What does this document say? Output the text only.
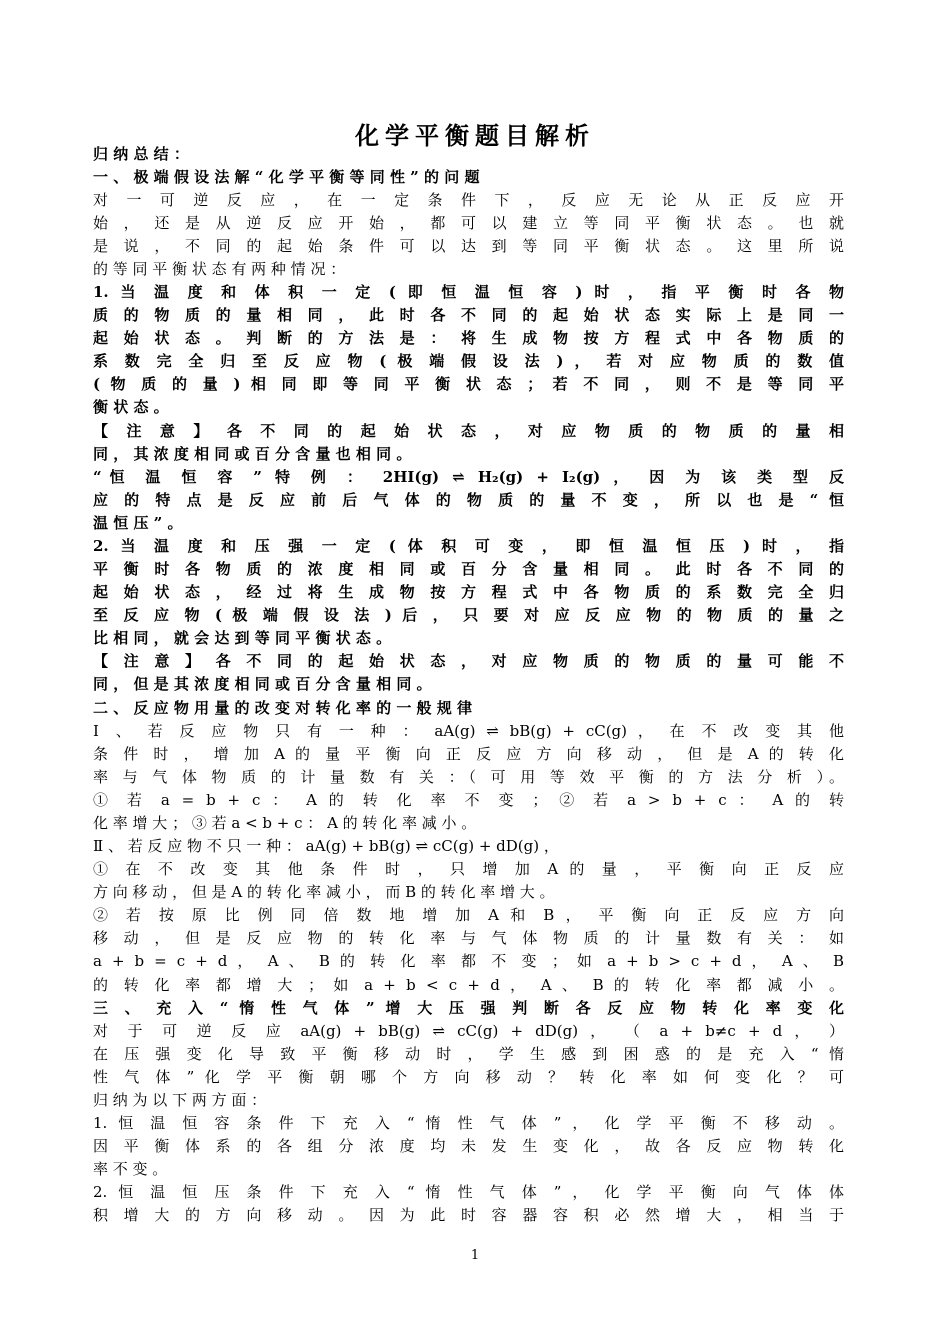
化学平衡题目解析
归 纳 总 结 ：
一 、 极 端 假 设 法 解 “ 化 学 平 衡 等 同 性 ” 的 问 题
对 一 可 逆 反 应 ， 在 一 定 条 件 下 ， 反 应 无 论 从 正 反 应 开
始 ， 还 是 从 逆 反 应 开 始 ， 都 可 以 建 立 等 同 平 衡 状 态 。 也 就
是 说 ， 不 同 的 起 始 条 件 可 以 达 到 等 同 平 衡 状 态 。 这 里 所 说
的 等 同 平 衡 状 态 有 两 种 情 况 ：
1. 当 温 度 和 体 积 一 定 ( 即 恒 温 恒 容 ) 时 ， 指 平 衡 时 各 物
质 的 物 质 的 量 相 同 ， 此 时 各 不 同 的 起 始 状 态 实 际 上 是 同 一
起 始 状 态 。 判 断 的 方 法 是 ： 将 生 成 物 按 方 程 式 中 各 物 质 的
系 数 完 全 归 至 反 应 物 ( 极 端 假 设 法 ) ， 若 对 应 物 质 的 数 值
( 物 质 的 量 ) 相 同 即 等 同 平 衡 状 态 ； 若 不 同 ， 则 不 是 等 同 平
衡 状 态 。
【 注 意 】 各 不 同 的 起 始 状 态 ， 对 应 物 质 的 物 质 的 量 相
同 ， 其 浓 度 相 同 或 百 分 含 量 也 相 同 。
“恒 温 恒 容 ” 特 例 ： 2HI(g) ⇌ H₂(g) + I₂(g) ， 因 为 该 类 型 反
应 的 特 点 是 反 应 前 后 气 体 的 物 质 的 量 不 变 ， 所 以 也 是 “ 恒
温 恒 压 ” 。
2. 当 温 度 和 压 强 一 定 ( 体 积 可 变 ， 即 恒 温 恒 压 ) 时 ， 指
平 衡 时 各 物 质 的 浓 度 相 同 或 百 分 含 量 相 同 。 此 时 各 不 同 的
起 始 状 态 ， 经 过 将 生 成 物 按 方 程 式 中 各 物 质 的 系 数 完 全 归
至 反 应 物 ( 极 端 假 设 法 ) 后 ， 只 要 对 应 反 应 物 的 物 质 的 量 之
比 相 同 ， 就 会 达 到 等 同 平 衡 状 态 。
【 注 意 】 各 不 同 的 起 始 状 态 ， 对 应 物 质 的 物 质 的 量 可 能 不
同 ， 但 是 其 浓 度 相 同 或 百 分 含 量 相 同 。
二 、 反 应 物 用 量 的 改 变 对 转 化 率 的 一 般 规 律
Ⅰ 、 若 反 应 物 只 有 一 种 ： aA(g) ⇌ bB(g) + cC(g) ， 在 不 改 变 其 他
条 件 时 ， 增 加 A 的 量 平 衡 向 正 反 应 方 向 移 动 ， 但 是 A 的 转 化
率 与 气 体 物 质 的 计 量 数 有 关 ：（ 可 用 等 效 平 衡 的 方 法 分 析 ）。
① 若 a = b + c ： A 的 转 化 率 不 变 ； ② 若 a > b + c ： A 的 转
化 率 增 大 ； ③ 若 a < b + c ： A 的 转 化 率 减 小 。
Ⅱ 、 若 反 应 物 不 只 一 种 ： aA(g) + bB(g) ⇌ cC(g) + dD(g) ，
① 在 不 改 变 其 他 条 件 时 ， 只 增 加 A 的 量 ， 平 衡 向 正 反 应
方 向 移 动 ， 但 是 A 的 转 化 率 减 小 ， 而 B 的 转 化 率 增 大 。
② 若 按 原 比 例 同 倍 数 地 增 加 A 和 B ， 平 衡 向 正 反 应 方 向
移 动 ， 但 是 反 应 物 的 转 化 率 与 气 体 物 质 的 计 量 数 有 关 ： 如
a + b = c + d ， A 、 B 的 转 化 率 都 不 变 ； 如 a + b > c + d ， A 、 B
的 转 化 率 都 增 大 ； 如 a + b < c + d ， A 、 B 的 转 化 率 都 减 小 。
三 、 充 入 “ 惰 性 气 体 ” 增 大 压 强 判 断 各 反 应 物 转 化 率 变 化
对 于 可 逆 反 应 aA(g) + bB(g) ⇌ cC(g) + dD(g) ， （ a + b≠c + d ， ）
在 压 强 变 化 导 致 平 衡 移 动 时 ， 学 生 感 到 困 惑 的 是 充 入 “ 惰
性 气 体 ” 化 学 平 衡 朝 哪 个 方 向 移 动 ？ 转 化 率 如 何 变 化 ？ 可
归 纳 为 以 下 两 方 面 ：
1. 恒 温 恒 容 条 件 下 充 入 “ 惰 性 气 体 ” ， 化 学 平 衡 不 移 动 。
因 平 衡 体 系 的 各 组 分 浓 度 均 未 发 生 变 化 ， 故 各 反 应 物 转 化
率 不 变 。
2. 恒 温 恒 压 条 件 下 充 入 “ 惰 性 气 体 ” ， 化 学 平 衡 向 气 体 体
积 增 大 的 方 向 移 动 。 因 为 此 时 容 器 容 积 必 然 增 大 ， 相 当 于
1
